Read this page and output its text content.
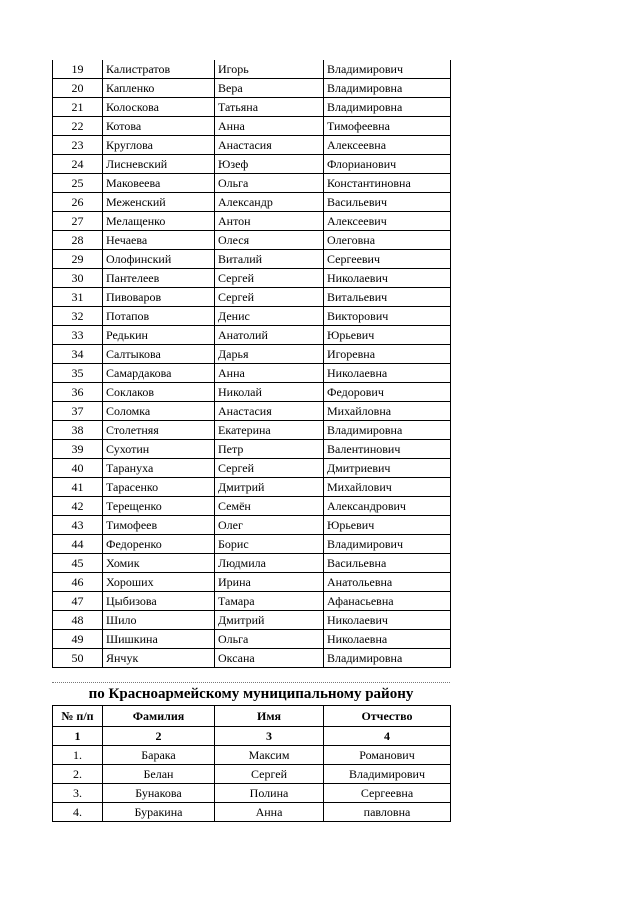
19	Калистратов	Игорь	Владимирович
20	Капленко	Вера	Владимировна
21	Колоскова	Татьяна	Владимировна
22	Котова	Анна	Тимофеевна
23	Круглова	Анастасия	Алексеевна
24	Лисневский	Юзеф	Флорианович
25	Маковеева	Ольга	Константиновна
26	Меженский	Александр	Васильевич
27	Мелащенко	Антон	Алексеевич
28	Нечаева	Олеся	Олеговна
29	Олофинский	Виталий	Сергеевич
30	Пантелеев	Сергей	Николаевич
31	Пивоваров	Сергей	Витальевич
32	Потапов	Денис	Викторович
33	Редькин	Анатолий	Юрьевич
34	Салтыкова	Дарья	Игоревна
35	Самардакова	Анна	Николаевна
36	Соклаков	Николай	Федорович
37	Соломка	Анастасия	Михайловна
38	Столетняя	Екатерина	Владимировна
39	Сухотин	Петр	Валентинович
40	Тарануха	Сергей	Дмитриевич
41	Тарасенко	Дмитрий	Михайлович
42	Терещенко	Семён	Александрович
43	Тимофеев	Олег	Юрьевич
44	Федоренко	Борис	Владимирович
45	Хомик	Людмила	Васильевна
46	Хороших	Ирина	Анатольевна
47	Цыбизова	Тамара	Афанасьевна
48	Шило	Дмитрий	Николаевич
49	Шишкина	Ольга	Николаевна
50	Янчук	Оксана	Владимировна
по Красноармейскому муниципальному району
№ п/п	Фамилия	Имя	Отчество
1	2	3	4
1.	Барака	Максим	Романович
2.	Белан	Сергей	Владимирович
3.	Бунакова	Полина	Сергеевна
4.	Буракина	Анна	павловна
